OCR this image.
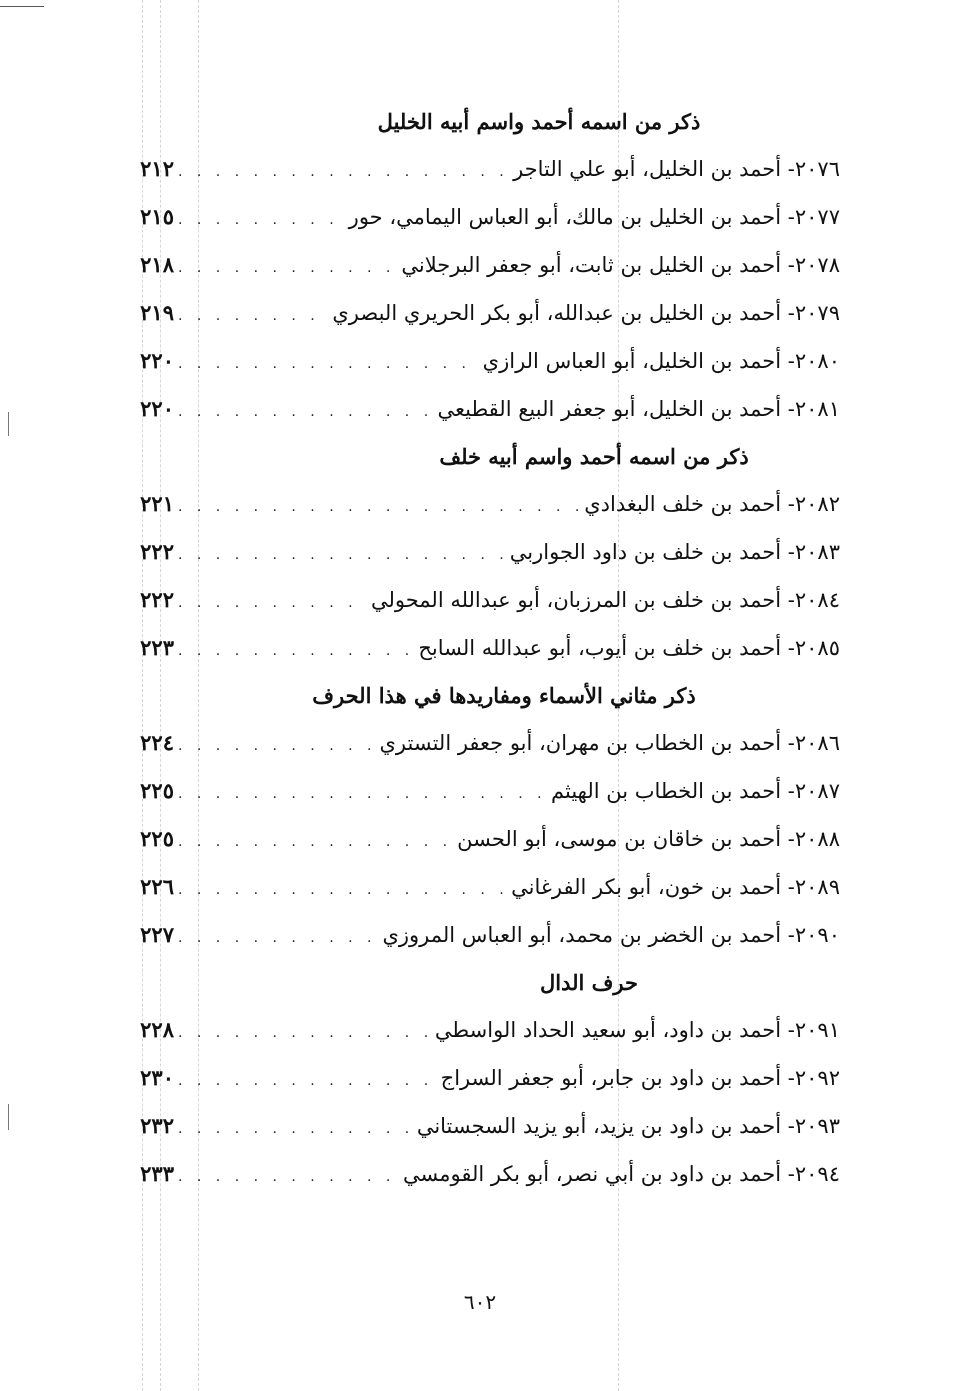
ذكر من اسمه أحمد واسم أبيه الخليل
٢٠٧٦- أحمد بن الخليل، أبو علي التاجر
. . .
٢١٢
٢٠٧٧- أحمد بن الخليل بن مالك، أبو العباس اليمامي، حور
. . .
٢١٥
٢٠٧٨- أحمد بن الخليل بن ثابت، أبو جعفر البرجلاني
. . .
٢١٨
٢٠٧٩- أحمد بن الخليل بن عبدالله، أبو بكر الحريري البصري
. . .
٢١٩
٢٠٨٠- أحمد بن الخليل، أبو العباس الرازي
. . .
٢٢٠
٢٠٨١- أحمد بن الخليل، أبو جعفر البيع القطيعي
. . .
٢٢٠
ذكر من اسمه أحمد واسم أبيه خلف
٢٠٨٢- أحمد بن خلف البغدادي
. . .
٢٢١
٢٠٨٣- أحمد بن خلف بن داود الجواربي
. . .
٢٢٢
٢٠٨٤- أحمد بن خلف بن المرزبان، أبو عبدالله المحولي
. . .
٢٢٢
٢٠٨٥- أحمد بن خلف بن أيوب، أبو عبدالله السابح
. . .
٢٢٣
ذكر مثاني الأسماء ومفاريدها في هذا الحرف
٢٠٨٦- أحمد بن الخطاب بن مهران، أبو جعفر التستري
. . .
٢٢٤
٢٠٨٧- أحمد بن الخطاب بن الهيثم
. . .
٢٢٥
٢٠٨٨- أحمد بن خاقان بن موسى، أبو الحسن
. . .
٢٢٥
٢٠٨٩- أحمد بن خون، أبو بكر الفرغاني
. . .
٢٢٦
٢٠٩٠- أحمد بن الخضر بن محمد، أبو العباس المروزي
. . .
٢٢٧
حرف الدال
٢٠٩١- أحمد بن داود، أبو سعيد الحداد الواسطي
. . .
٢٢٨
٢٠٩٢- أحمد بن داود بن جابر، أبو جعفر السراج
. . .
٢٣٠
٢٠٩٣- أحمد بن داود بن يزيد، أبو يزيد السجستاني
. . .
٢٣٢
٢٠٩٤- أحمد بن داود بن أبي نصر، أبو بكر القومسي
. . .
٢٣٣
٦٠٢
